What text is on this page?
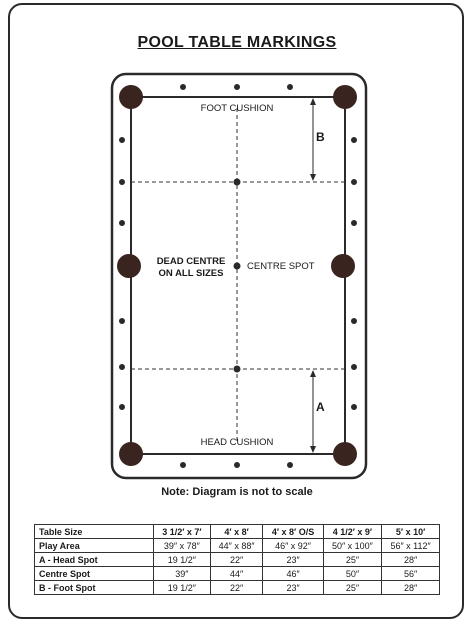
POOL TABLE MARKINGS
FOOT CUSHION
HEAD CUSHION
CENTRE SPOT
DEAD CENTRE
ON ALL SIZES
B
A
Note: Diagram is not to scale
Table Size	3 1/2′ x 7′	4′ x 8′	4′ x 8′ O/S	4 1/2′ x 9′	5′ x 10′
Play Area	39″ x 78″	44″ x 88″	46″ x 92″	50″ x 100″	56″ x 112″
A - Head Spot	19 1/2″	22″	23″	25″	28″
Centre Spot	39″	44″	46″	50″	56″
B - Foot Spot	19 1/2″	22″	23″	25″	28″
